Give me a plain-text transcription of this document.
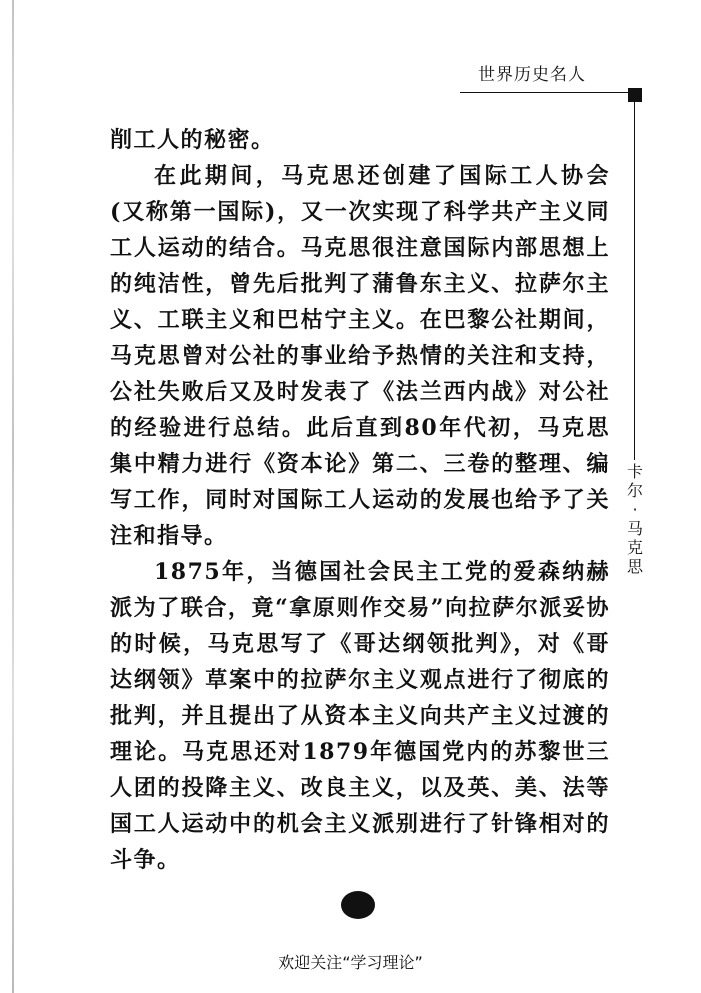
世界历史名人
卡
尔
·
马
克
思

削工人的秘密。

在此期间，马克思还创建了国际工人协会(又称第一国际)，又一次实现了科学共产主义同工人运动的结合。马克思很注意国际内部思想上的纯洁性，曾先后批判了蒲鲁东主义、拉萨尔主义、工联主义和巴枯宁主义。在巴黎公社期间，马克思曾对公社的事业给予热情的关注和支持，公社失败后又及时发表了《法兰西内战》对公社的经验进行总结。此后直到80年代初，马克思集中精力进行《资本论》第二、三卷的整理、编写工作，同时对国际工人运动的发展也给予了关注和指导。

1875年，当德国社会民主工党的爱森纳赫派为了联合，竟“拿原则作交易”向拉萨尔派妥协的时候，马克思写了《哥达纲领批判》，对《哥达纲领》草案中的拉萨尔主义观点进行了彻底的批判，并且提出了从资本主义向共产主义过渡的理论。马克思还对1879年德国党内的苏黎世三人团的投降主义、改良主义，以及英、美、法等国工人运动中的机会主义派别进行了针锋相对的斗争。

欢迎关注“学习理论”
